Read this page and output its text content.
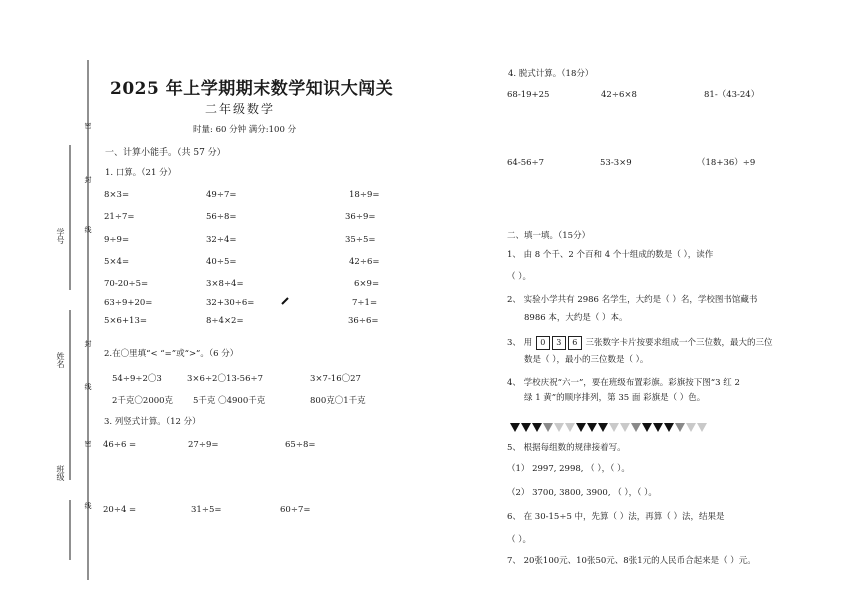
密
封
线
学号
封
姓名
线
密
班级
线
2025 年上学期期末数学知识大闯关
二年级数学
时量: 60 分钟 满分:100 分
一、计算小能手。（共 57 分）
1. 口算。（21 分）
8×3=	49÷7=	18÷9=
21÷7=	56÷8=	36÷9=
9÷9=	32÷4=	35÷5=
5×4=	40÷5=	42÷6=
70-20÷5=	3×8÷4=	6×9=
63÷9+20=	32+30÷6=	7÷1=
5×6+13=	8÷4×2=	36÷6=
2.在〇里填“< “=”或“>”。（6 分）
54÷9÷2〇3	3×6÷2〇13-56÷7	3×7-16〇27
2千克〇2000克 5千克 〇4900千克	800克〇1千克
3. 列竖式计算。（12 分）
46÷6 =	27÷9=	65÷8=
20÷4 =	31÷5=	60÷7=
4. 脱式计算。（18分）
68-19+25	42÷6×8	81-（43-24）
64-56÷7	53-3×9	（18+36）÷9
二、填一填。（15分）
1、 由 8 个千、2 个百和 4 个十组成的数是（ ），读作
（ ）。
2、 实验小学共有 2986 名学生，大约是（ ）名，学校图书馆藏书
8986 本，大约是（ ）本。
3、 用 0 3 6 三张数字卡片按要求组成一个三位数，最大的三位
数是（ ），最小的三位数是（ ）。
4、 学校庆祝“六一”，要在班级布置彩旗。彩旗按下图“3 红 2
绿 1 黄”的顺序排列，第 35 面 彩旗是（ ）色。
5、 根据每组数的规律接着写。
（1） 2997, 2998, （ ），（ ）。
（2） 3700, 3800, 3900, （ ），（ ）。
6、 在 30-15÷5 中，先算（ ）法，再算（ ）法，结果是
（ ）。
7、 20张100元、10张50元、8张1元的人民币合起来是（ ）元。
